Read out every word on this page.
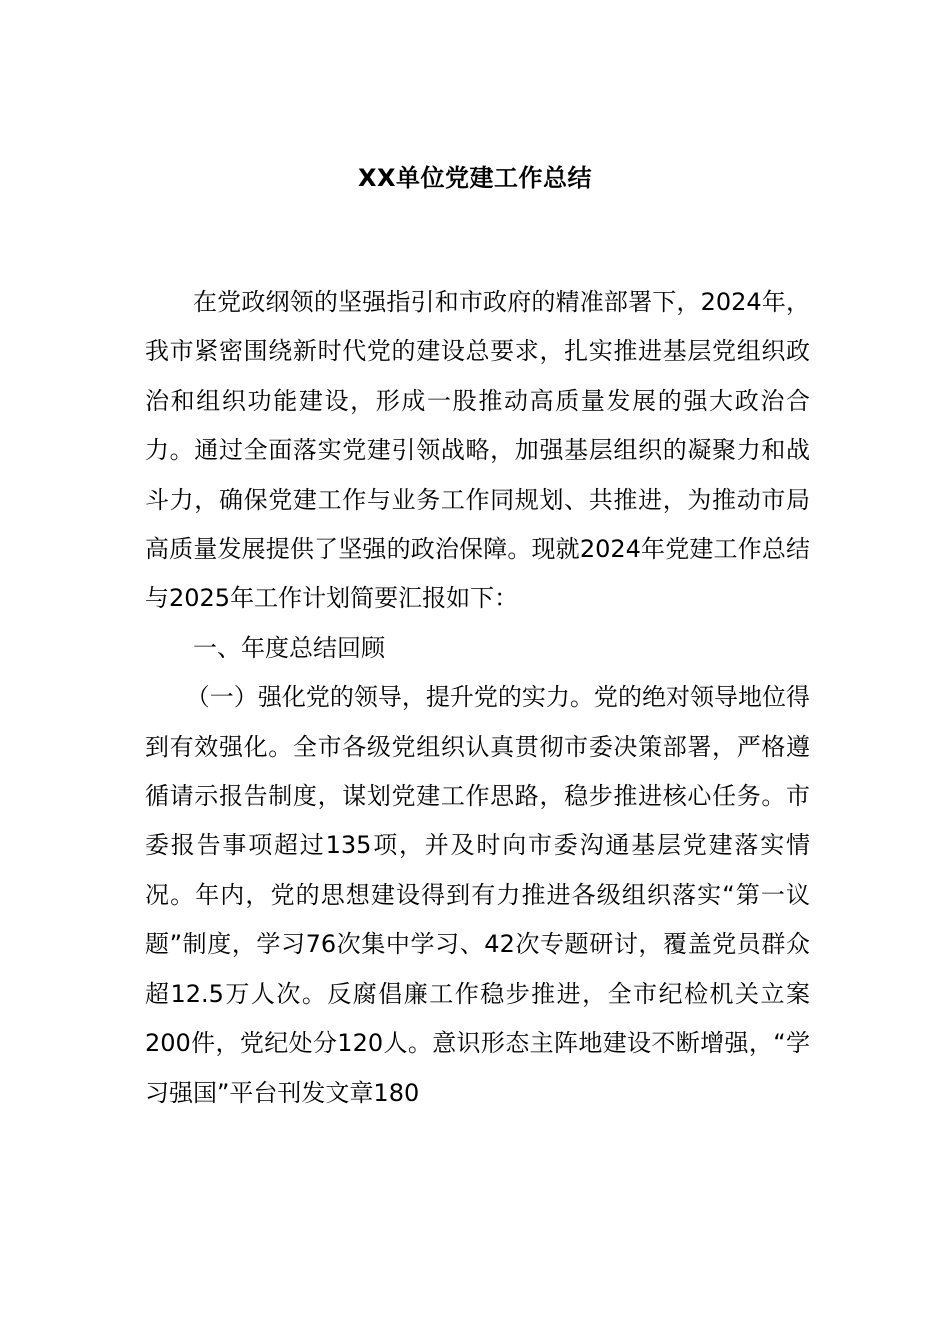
XX单位党建工作总结

在党政纲领的坚强指引和市政府的精准部署下，2024年，我市紧密围绕新时代党的建设总要求，扎实推进基层党组织政治和组织功能建设，形成一股推动高质量发展的强大政治合力。通过全面落实党建引领战略，加强基层组织的凝聚力和战斗力，确保党建工作与业务工作同规划、共推进，为推动市局高质量发展提供了坚强的政治保障。现就2024年党建工作总结与2025年工作计划简要汇报如下：

一、年度总结回顾

（一）强化党的领导，提升党的实力。党的绝对领导地位得到有效强化。全市各级党组织认真贯彻市委决策部署，严格遵循请示报告制度，谋划党建工作思路，稳步推进核心任务。市委报告事项超过135项，并及时向市委沟通基层党建落实情况。年内，党的思想建设得到有力推进各级组织落实“第一议题”制度，学习76次集中学习、42次专题研讨，覆盖党员群众超12.5万人次。反腐倡廉工作稳步推进，全市纪检机关立案200件，党纪处分120人。意识形态主阵地建设不断增强，“学习强国”平台刊发文章180
